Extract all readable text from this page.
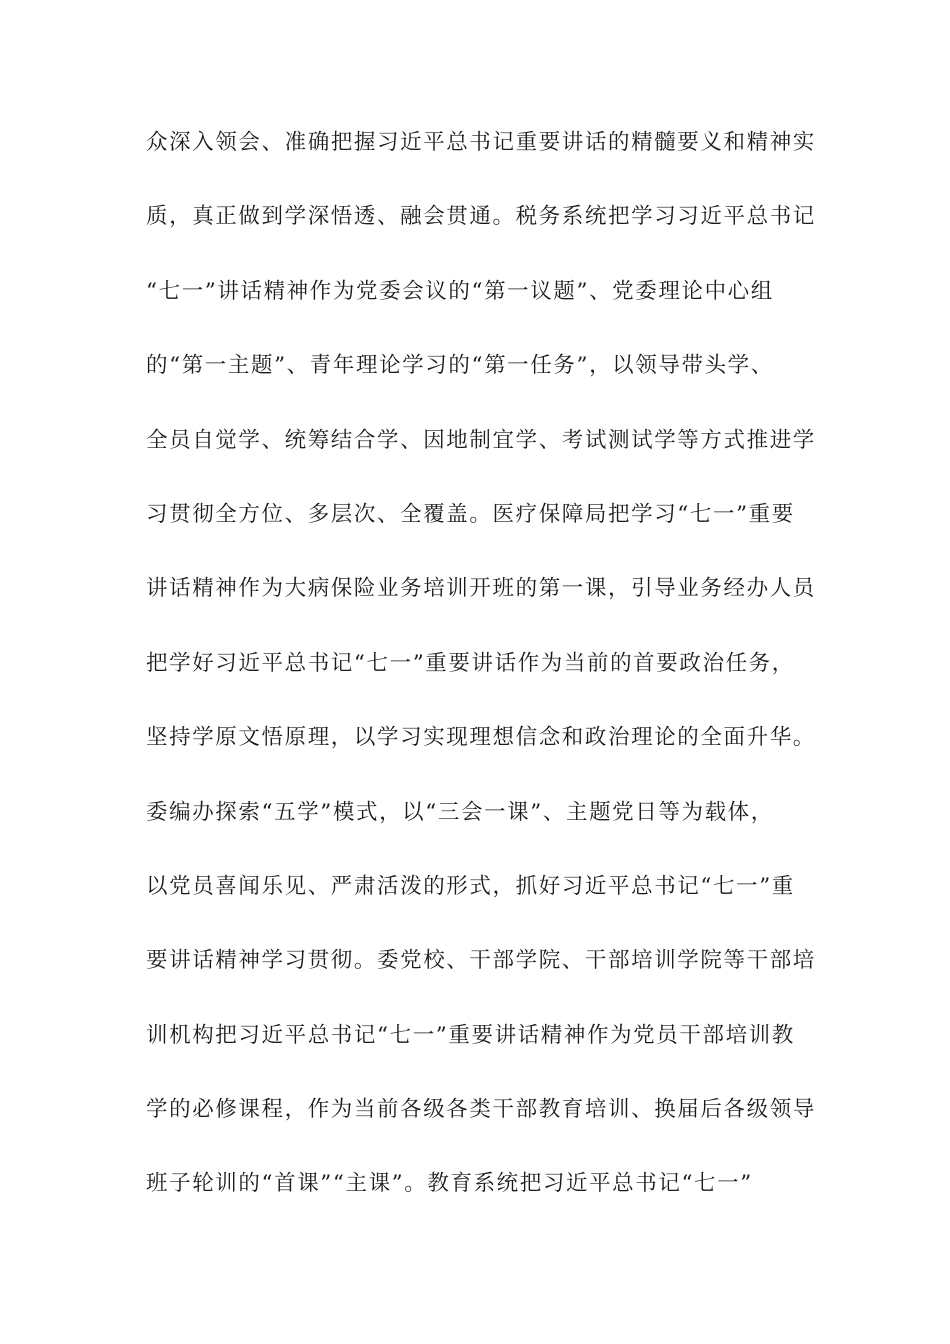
众深入领会、准确把握习近平总书记重要讲话的精髓要义和精神实
质，真正做到学深悟透、融会贯通。税务系统把学习习近平总书记
“七一”讲话精神作为党委会议的“第一议题”、党委理论中心组
的“第一主题”、青年理论学习的“第一任务”，以领导带头学、
全员自觉学、统筹结合学、因地制宜学、考试测试学等方式推进学
习贯彻全方位、多层次、全覆盖。医疗保障局把学习“七一”重要
讲话精神作为大病保险业务培训开班的第一课，引导业务经办人员
把学好习近平总书记“七一”重要讲话作为当前的首要政治任务，
坚持学原文悟原理，以学习实现理想信念和政治理论的全面升华。
委编办探索“五学”模式，以“三会一课”、主题党日等为载体，
以党员喜闻乐见、严肃活泼的形式，抓好习近平总书记“七一”重
要讲话精神学习贯彻。委党校、干部学院、干部培训学院等干部培
训机构把习近平总书记“七一”重要讲话精神作为党员干部培训教
学的必修课程，作为当前各级各类干部教育培训、换届后各级领导
班子轮训的“首课”“主课”。教育系统把习近平总书记“七一”
